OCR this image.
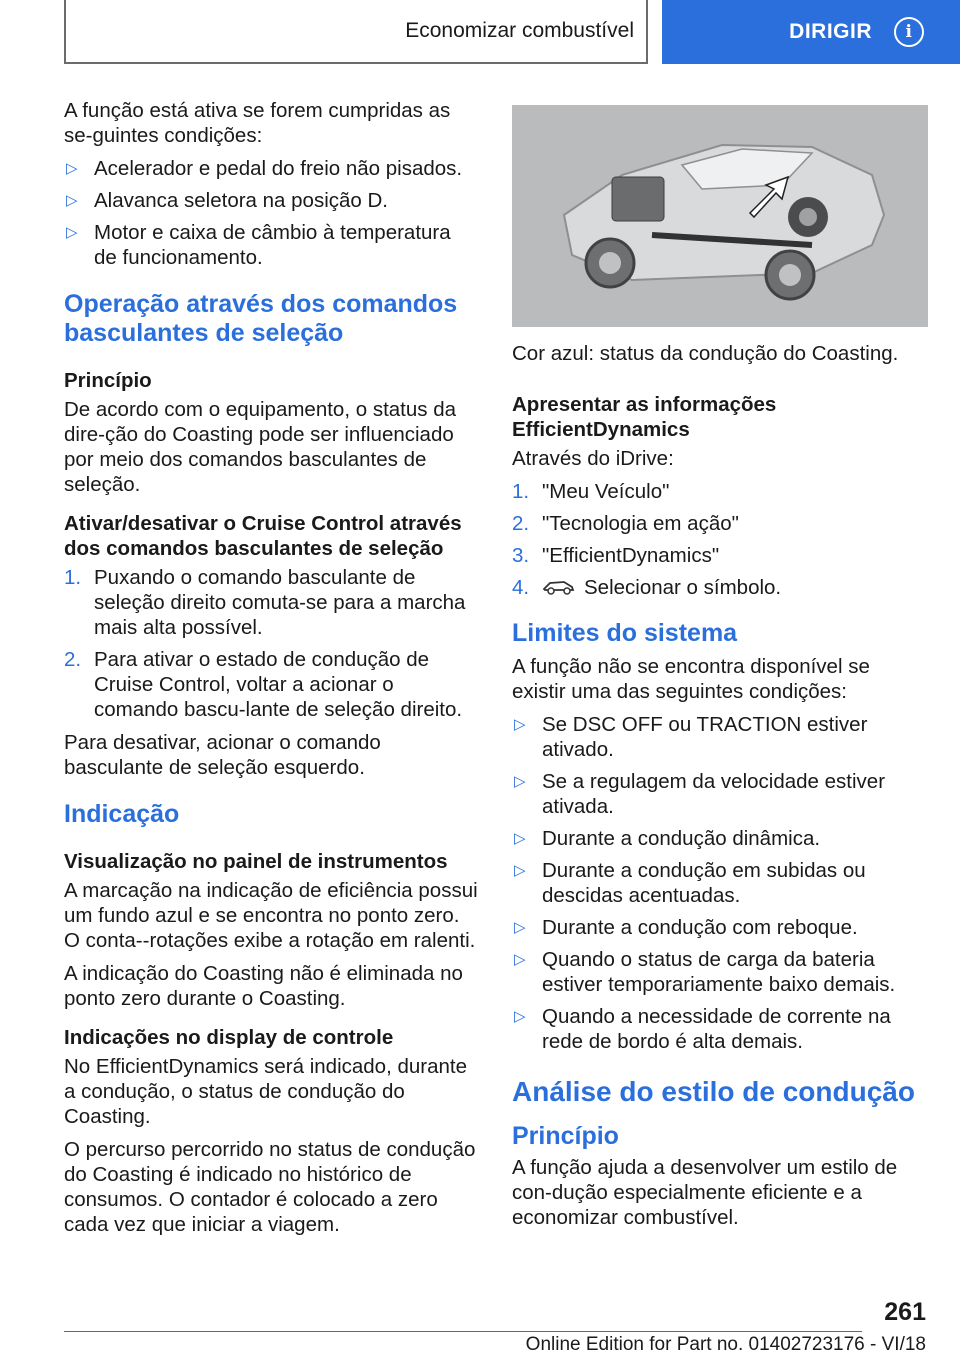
Economizar combustível	DIRIGIR	i

A função está ativa se forem cumpridas as se-guintes condições:

▷ Acelerador e pedal do freio não pisados.
▷ Alavanca seletora na posição D.
▷ Motor e caixa de câmbio à temperatura de funcionamento.
Operação através dos comandos basculantes de seleção
Princípio

De acordo com o equipamento, o status da dire-ção do Coasting pode ser influenciado por meio dos comandos basculantes de seleção.

Ativar/desativar o Cruise Control através dos comandos basculantes de seleção
1. Puxando o comando basculante de seleção direito comuta-se para a marcha mais alta possível.
2. Para ativar o estado de condução de Cruise Control, voltar a acionar o comando bascu-lante de seleção direito.

Para desativar, acionar o comando basculante de seleção esquerdo.

Indicação
Visualização no painel de instrumentos

A marcação na indicação de eficiência possui um fundo azul e se encontra no ponto zero. O conta--rotações exibe a rotação em ralenti.

A indicação do Coasting não é eliminada no ponto zero durante o Coasting.

Indicações no display de controle

No EfficientDynamics será indicado, durante a condução, o status de condução do Coasting.

O percurso percorrido no status de condução do Coasting é indicado no histórico de consumos. O contador é colocado a zero cada vez que iniciar a viagem.

Cor azul: status da condução do Coasting.

Apresentar as informações EfficientDynamics

Através do iDrive:

1. "Meu Veículo"
2. "Tecnologia em ação"
3. "EfficientDynamics"
4.	Selecionar o símbolo.
Limites do sistema

A função não se encontra disponível se existir uma das seguintes condições:

▷ Se DSC OFF ou TRACTION estiver ativado.
▷ Se a regulagem da velocidade estiver ativada.
▷ Durante a condução dinâmica.
▷ Durante a condução em subidas ou descidas acentuadas.
▷ Durante a condução com reboque.
▷ Quando o status de carga da bateria estiver temporariamente baixo demais.
▷ Quando a necessidade de corrente na rede de bordo é alta demais.
Análise do estilo de condução
Princípio

A função ajuda a desenvolver um estilo de con-dução especialmente eficiente e a economizar combustível.

261
Online Edition for Part no. 01402723176 - VI/18
